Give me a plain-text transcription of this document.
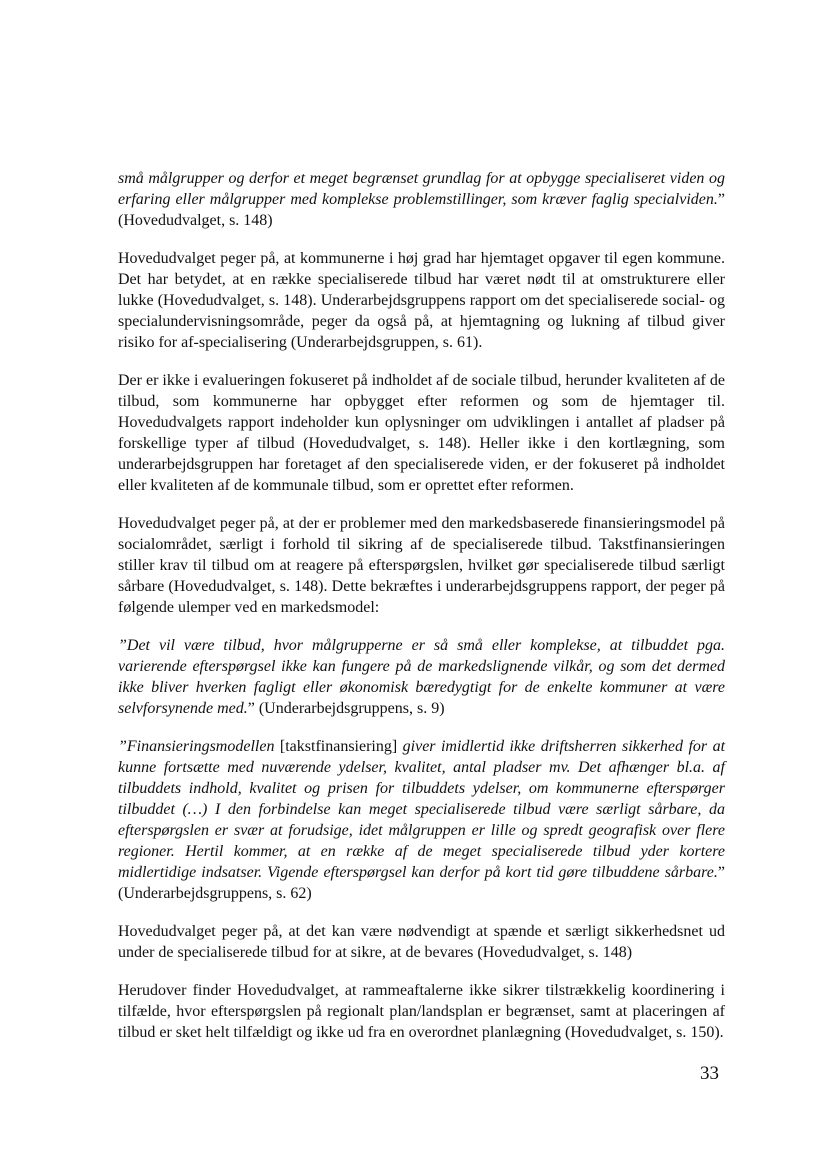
små målgrupper og derfor et meget begrænset grundlag for at opbygge specialiseret viden og erfaring eller målgrupper med komplekse problemstillinger, som kræver faglig specialviden.” (Hovedudvalget, s. 148)

Hovedudvalget peger på, at kommunerne i høj grad har hjemtaget opgaver til egen kommune. Det har betydet, at en række specialiserede tilbud har været nødt til at omstrukturere eller lukke (Hovedudvalget, s. 148). Underarbejdsgruppens rapport om det specialiserede social- og specialundervisningsområde, peger da også på, at hjemtagning og lukning af tilbud giver risiko for af-specialisering (Underarbejdsgruppen, s. 61).

Der er ikke i evalueringen fokuseret på indholdet af de sociale tilbud, herunder kvaliteten af de tilbud, som kommunerne har opbygget efter reformen og som de hjemtager til. Hovedudvalgets rapport indeholder kun oplysninger om udviklingen i antallet af pladser på forskellige typer af tilbud (Hovedudvalget, s. 148). Heller ikke i den kortlægning, som underarbejdsgruppen har foretaget af den specialiserede viden, er der fokuseret på indholdet eller kvaliteten af de kommunale tilbud, som er oprettet efter reformen.

Hovedudvalget peger på, at der er problemer med den markedsbaserede finansieringsmodel på socialområdet, særligt i forhold til sikring af de specialiserede tilbud. Takstfinansieringen stiller krav til tilbud om at reagere på efterspørgslen, hvilket gør specialiserede tilbud særligt sårbare (Hovedudvalget, s. 148). Dette bekræftes i underarbejdsgruppens rapport, der peger på følgende ulemper ved en markedsmodel:

”Det vil være tilbud, hvor målgrupperne er så små eller komplekse, at tilbuddet pga. varierende efterspørgsel ikke kan fungere på de markedslignende vilkår, og som det dermed ikke bliver hverken fagligt eller økonomisk bæredygtigt for de enkelte kommuner at være selvforsynende med.” (Underarbejdsgruppens, s. 9)

”Finansieringsmodellen [takstfinansiering] giver imidlertid ikke driftsherren sikkerhed for at kunne fortsætte med nuværende ydelser, kvalitet, antal pladser mv. Det afhænger bl.a. af tilbuddets indhold, kvalitet og prisen for tilbuddets ydelser, om kommunerne efterspørger tilbuddet (…) I den forbindelse kan meget specialiserede tilbud være særligt sårbare, da efterspørgslen er svær at forudsige, idet målgruppen er lille og spredt geografisk over flere regioner. Hertil kommer, at en række af de meget specialiserede tilbud yder kortere midlertidige indsatser. Vigende efterspørgsel kan derfor på kort tid gøre tilbuddene sårbare.” (Underarbejdsgruppens, s. 62)

Hovedudvalget peger på, at det kan være nødvendigt at spænde et særligt sikkerhedsnet ud under de specialiserede tilbud for at sikre, at de bevares (Hovedudvalget, s. 148)

Herudover finder Hovedudvalget, at rammeaftalerne ikke sikrer tilstrækkelig koordinering i tilfælde, hvor efterspørgslen på regionalt plan/landsplan er begrænset, samt at placeringen af tilbud er sket helt tilfældigt og ikke ud fra en overordnet planlægning (Hovedudvalget, s. 150).

33
